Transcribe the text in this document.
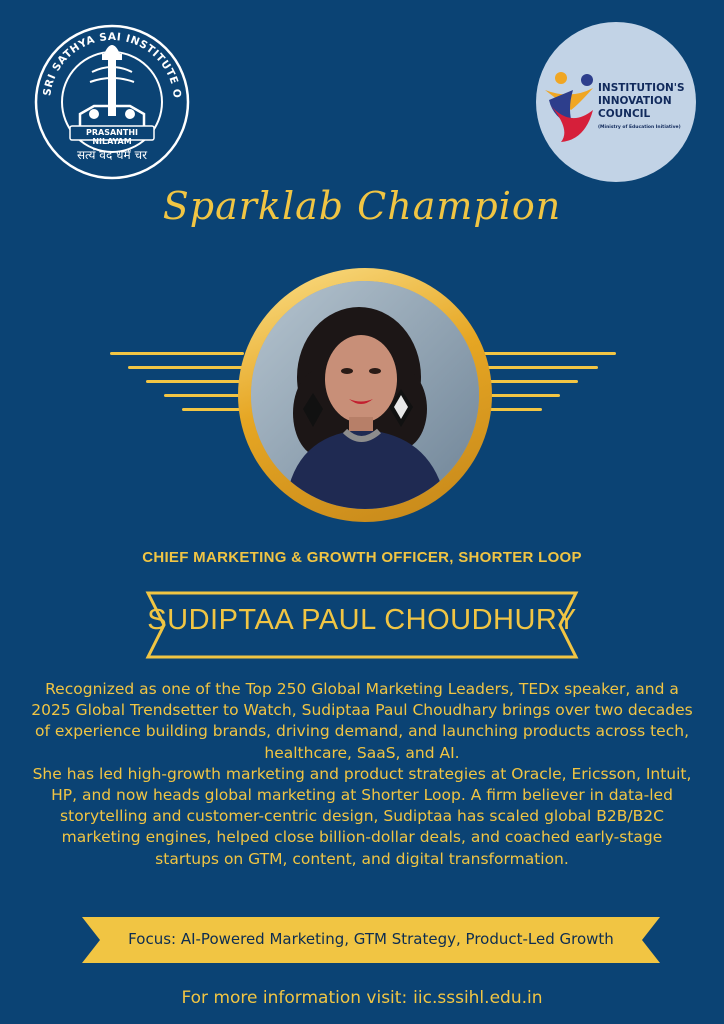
SRI SATHYA SAI INSTITUTE O
PRASANTHI NILAYAM
सत्यं वद धर्मं चर
INSTITUTION'S
INNOVATION
COUNCIL
(Ministry of Education Initiative)
Sparklab Champion
CHIEF MARKETING & GROWTH OFFICER, SHORTER LOOP
SUDIPTAA PAUL CHOUDHURY

Recognized as one of the Top 250 Global Marketing Leaders, TEDx speaker, and a 2025 Global Trendsetter to Watch, Sudiptaa Paul Choudhary brings over two decades of experience building brands, driving demand, and launching products across tech, healthcare, SaaS, and AI.

She has led high-growth marketing and product strategies at Oracle, Ericsson, Intuit, HP, and now heads global marketing at Shorter Loop. A firm believer in data-led storytelling and customer-centric design, Sudiptaa has scaled global B2B/B2C marketing engines, helped close billion-dollar deals, and coached early-stage startups on GTM, content, and digital transformation.

Focus: AI-Powered Marketing, GTM Strategy, Product-Led Growth
For more information visit: iic.sssihl.edu.in
